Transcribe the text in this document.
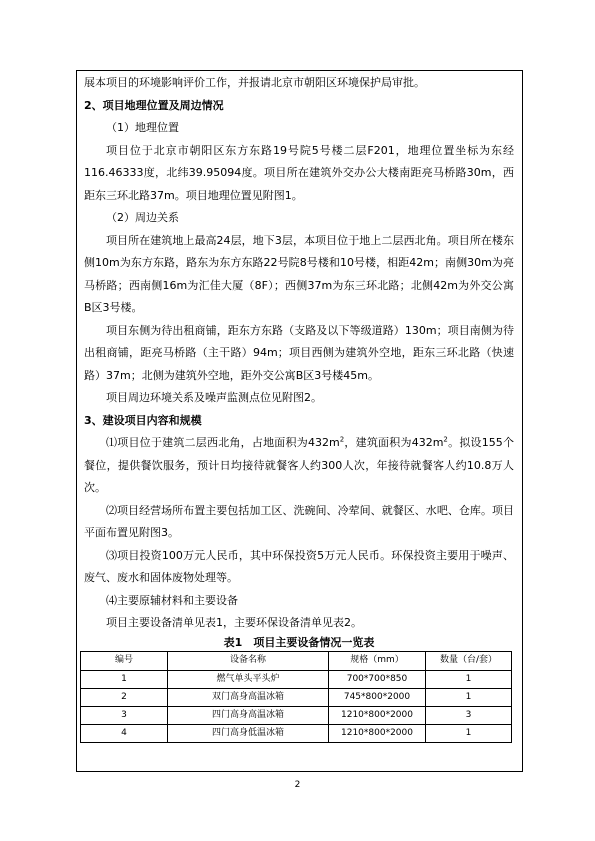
展本项目的环境影响评价工作，并报请北京市朝阳区环境保护局审批。

2、项目地理位置及周边情况

（1）地理位置

项目位于北京市朝阳区东方东路19号院5号楼二层F201，地理位置坐标为东经116.46333度，北纬39.95094度。项目所在建筑外交办公大楼南距亮马桥路30m，西距东三环北路37m。项目地理位置见附图1。

（2）周边关系

项目所在建筑地上最高24层，地下3层，本项目位于地上二层西北角。项目所在楼东侧10m为东方东路，路东为东方东路22号院8号楼和10号楼，相距42m；南侧30m为亮马桥路；西南侧16m为汇佳大厦（8F）；西侧37m为东三环北路；北侧42m为外交公寓B区3号楼。

项目东侧为待出租商铺，距东方东路（支路及以下等级道路）130m；项目南侧为待出租商铺，距亮马桥路（主干路）94m；项目西侧为建筑外空地，距东三环北路（快速路）37m；北侧为建筑外空地，距外交公寓B区3号楼45m。

项目周边环境关系及噪声监测点位见附图2。

3、建设项目内容和规模

⑴项目位于建筑二层西北角，占地面积为$432m^2$，建筑面积为$432m^2$。拟设155个餐位，提供餐饮服务，预计日均接待就餐客人约300人次，年接待就餐客人约10.8万人次。

⑵项目经营场所布置主要包括加工区、洗碗间、冷荤间、就餐区、水吧、仓库。项目平面布置见附图3。

⑶项目投资100万元人民币，其中环保投资5万元人民币。环保投资主要用于噪声、废气、废水和固体废物处理等。

⑷主要原辅材料和主要设备

项目主要设备清单见表1，主要环保设备清单见表2。

表1　项目主要设备情况一览表
编号	设备名称	规格（mm）	数量（台/套）
1	燃气单头平头炉	700*700*850	1
2	双门高身高温冰箱	745*800*2000	1
3	四门高身高温冰箱	1210*800*2000	3
4	四门高身低温冰箱	1210*800*2000	1
2
